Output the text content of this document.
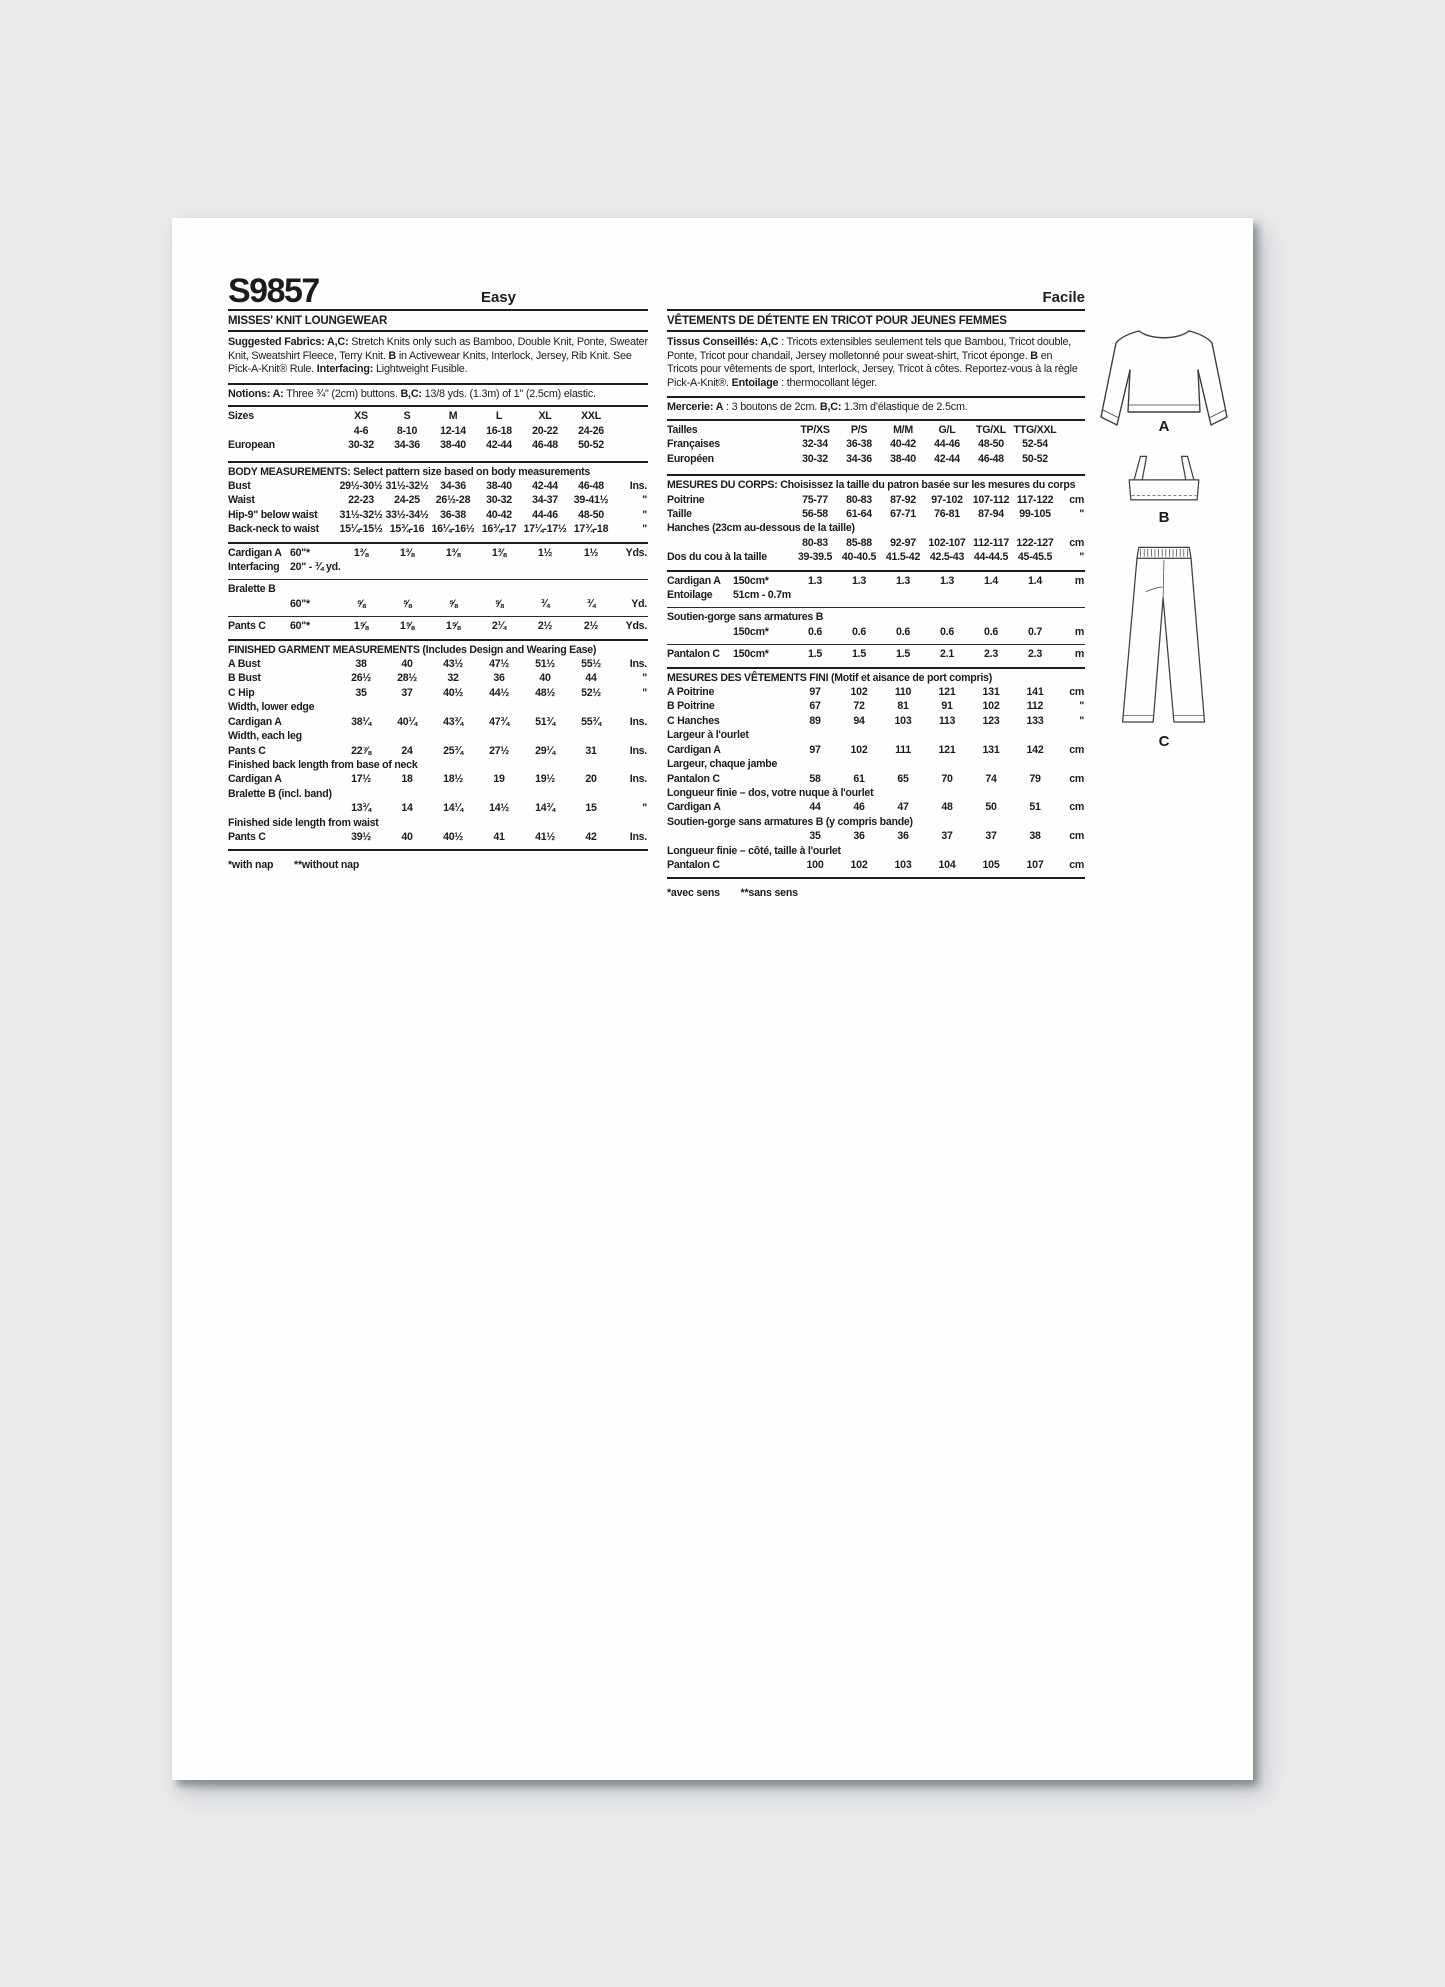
S9857	Easy
MISSES' KNIT LOUNGEWEAR
Suggested Fabrics: A,C: Stretch Knits only such as Bamboo, Double Knit, Ponte, Sweater Knit, Sweatshirt Fleece, Terry Knit. B in Activewear Knits, Interlock, Jersey, Rib Knit. See Pick-A-Knit® Rule. Interfacing: Lightweight Fusible.
Notions: A: Three ¾" (2cm) buttons. B,C: 13/8 yds. (1.3m) of 1" (2.5cm) elastic.
Sizes	XS	S	M	L	XL	XXL
4-6	8-10	12-14	16-18	20-22	24-26
European	30-32	34-36	38-40	42-44	46-48	50-52
BODY MEASUREMENTS: Select pattern size based on body measurements
Bust	29½-30½ 31½-32½	34-36	38-40	42-44	46-48	Ins.
Waist	22-23	24-25	26½-28	30-32	34-37	39-41½	"
Hip-9" below waist	31½-32½ 33½-34½	36-38	40-42	44-46	48-50	"
Back-neck to waist	15¼-15½ 15¾-16 16¼-16½ 16¾-17 17¼-17½ 17¾-18	"
Cardigan A 60"*	1⅜	1⅜	1⅜	1⅜	1½	1½	Yds.
Interfacing 20" - ¾ yd.
Bralette B
60"*	⅝	⅝	⅝	⅝	¾	¾	Yd.
Pants C	60"*	1⅝	1⅝	1⅝	2¼	2½	2½	Yds.
FINISHED GARMENT MEASUREMENTS (Includes Design and Wearing Ease)
A Bust	38	40	43½	47½	51½	55½	Ins.
B Bust	26½	28½	32	36	40	44	"
C Hip	35	37	40½	44½	48½	52½	"
Width, lower edge
Cardigan A	38¼	40¼	43¾	47¾	51¾	55¾	Ins.
Width, each leg
Pants C	22⅞	24	25¾	27½	29¼	31	Ins.
Finished back length from base of neck
Cardigan A	17½	18	18½	19	19½	20	Ins.
Bralette B (incl. band)
13¾	14	14¼	14½	14¾	15	"
Finished side length from waist
Pants C	39½	40	40½	41	41½	42	Ins.
*with nap **without nap
Facile
VÊTEMENTS DE DÉTENTE EN TRICOT POUR JEUNES FEMMES
Tissus Conseillés: A,C : Tricots extensibles seulement tels que Bambou, Tricot double, Ponte, Tricot pour chandail, Jersey molletonné pour sweat-shirt, Tricot éponge. B en Tricots pour vêtements de sport, Interlock, Jersey, Tricot à côtes. Reportez-vous à la règle Pick-A-Knit®. Entoilage : thermocollant léger.
Mercerie: A : 3 boutons de 2cm. B,C: 1.3m d'élastique de 2.5cm.
Tailles	TP/XS	P/S	M/M	G/L	TG/XL TTG/XXL
Françaises	32-34	36-38	40-42	44-46	48-50	52-54
Européen	30-32	34-36	38-40	42-44	46-48	50-52
MESURES DU CORPS: Choisissez la taille du patron basée sur les mesures du corps
Poitrine	75-77	80-83	87-92	97-102 107-112 117-122	cm
Taille	56-58	61-64	67-71	76-81	87-94	99-105	"
Hanches (23cm au-dessous de la taille)
80-83	85-88	92-97	102-107 112-117 122-127	cm
Dos du cou à la taille	39-39.5 40-40.5 41.5-42 42.5-43 44-44.5 45-45.5	"
Cardigan A	150cm*	1.3	1.3	1.3	1.3	1.4	1.4	m
Entoilage	51cm - 0.7m
Soutien-gorge sans armatures B
150cm*	0.6	0.6	0.6	0.6	0.6	0.7	m
Pantalon C	150cm*	1.5	1.5	1.5	2.1	2.3	2.3	m
MESURES DES VÊTEMENTS FINI (Motif et aisance de port compris)
A Poitrine	97	102	110	121	131	141	cm
B Poitrine	67	72	81	91	102	112	"
C Hanches	89	94	103	113	123	133	"
Largeur à l'ourlet
Cardigan A	97	102	111	121	131	142	cm
Largeur, chaque jambe
Pantalon C	58	61	65	70	74	79	cm
Longueur finie – dos, votre nuque à l'ourlet
Cardigan A	44	46	47	48	50	51	cm
Soutien-gorge sans armatures B (y compris bande)
35	36	36	37	37	38	cm
Longueur finie – côté, taille à l'ourlet
Pantalon C	100	102	103	104	105	107	cm
*avec sens **sans sens
A
B
C
